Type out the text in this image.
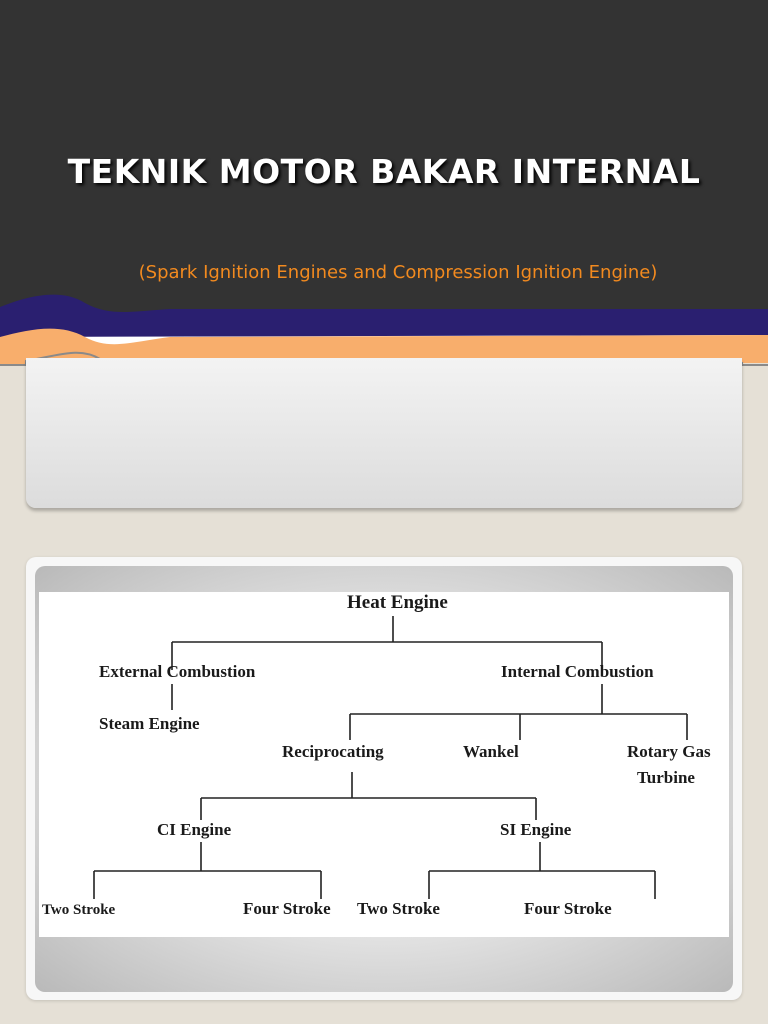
TEKNIK MOTOR BAKAR INTERNAL
(Spark Ignition Engines and Compression Ignition Engine)
Heat Engine
External Combustion
Steam Engine
Internal Combustion
Reciprocating	Wankel	Rotary Gas
Turbine
CI Engine	SI Engine
Two Stroke	Four Stroke Two Stroke	Four Stroke
